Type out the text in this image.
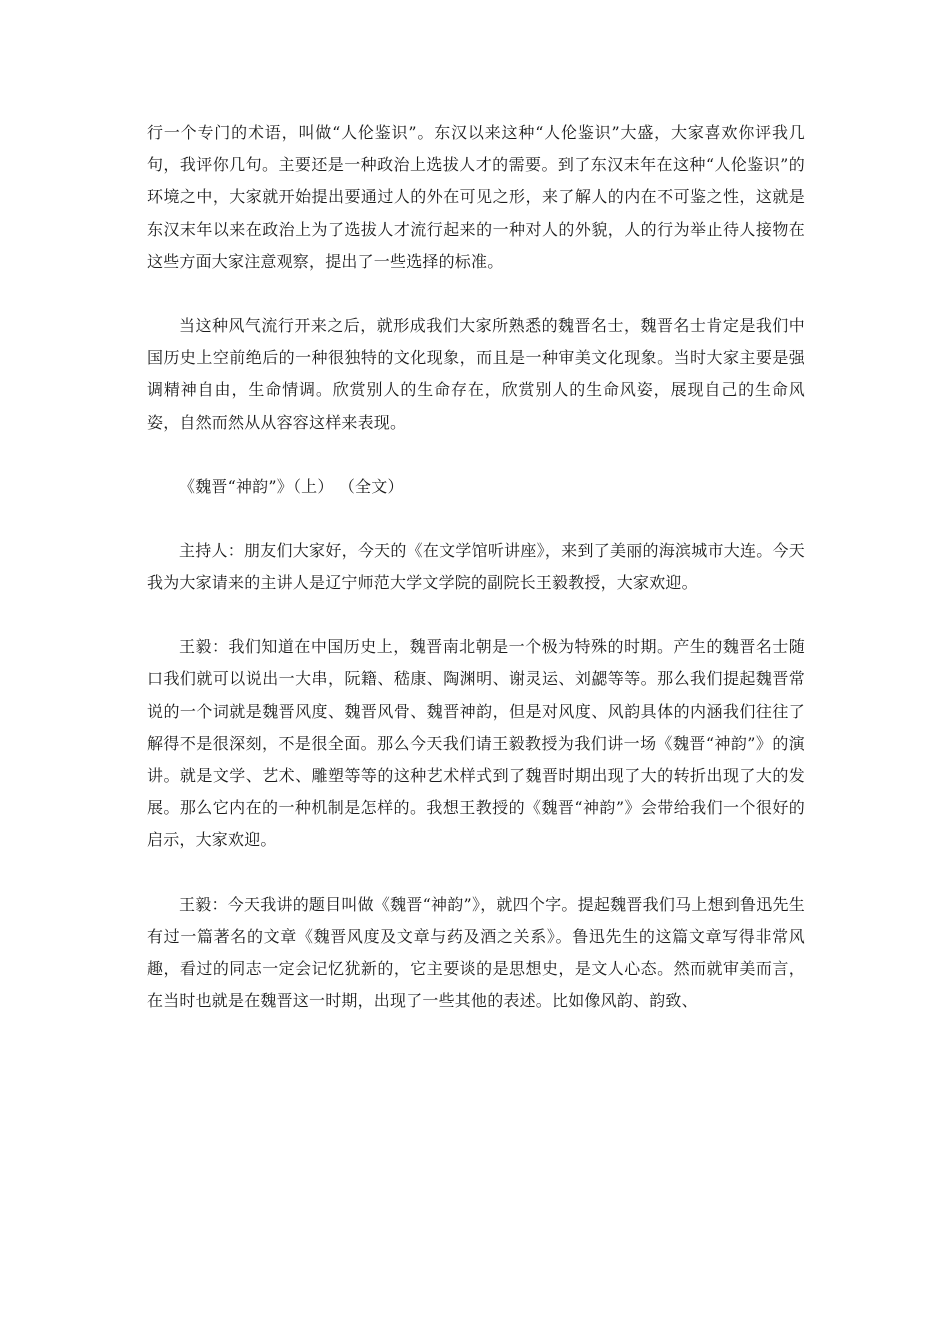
行一个专门的术语，叫做“人伦鉴识”。东汉以来这种“人伦鉴识”大盛，大家喜欢你评我几句，我评你几句。主要还是一种政治上选拔人才的需要。到了东汉末年在这种“人伦鉴识”的环境之中，大家就开始提出要通过人的外在可见之形，来了解人的内在不可鉴之性，这就是东汉末年以来在政治上为了选拔人才流行起来的一种对人的外貌，人的行为举止待人接物在这些方面大家注意观察，提出了一些选择的标准。

当这种风气流行开来之后，就形成我们大家所熟悉的魏晋名士，魏晋名士肯定是我们中国历史上空前绝后的一种很独特的文化现象，而且是一种审美文化现象。当时大家主要是强调精神自由，生命情调。欣赏别人的生命存在，欣赏别人的生命风姿，展现自己的生命风姿，自然而然从从容容这样来表现。

《魏晋“神韵”》（上） （全文）

主持人：朋友们大家好，今天的《在文学馆听讲座》，来到了美丽的海滨城市大连。今天我为大家请来的主讲人是辽宁师范大学文学院的副院长王毅教授，大家欢迎。

王毅：我们知道在中国历史上，魏晋南北朝是一个极为特殊的时期。产生的魏晋名士随口我们就可以说出一大串，阮籍、嵇康、陶渊明、谢灵运、刘勰等等。那么我们提起魏晋常说的一个词就是魏晋风度、魏晋风骨、魏晋神韵，但是对风度、风韵具体的内涵我们往往了解得不是很深刻，不是很全面。那么今天我们请王毅教授为我们讲一场《魏晋“神韵”》的演讲。就是文学、艺术、雕塑等等的这种艺术样式到了魏晋时期出现了大的转折出现了大的发展。那么它内在的一种机制是怎样的。我想王教授的《魏晋“神韵”》会带给我们一个很好的启示，大家欢迎。

王毅：今天我讲的题目叫做《魏晋“神韵”》，就四个字。提起魏晋我们马上想到鲁迅先生有过一篇著名的文章《魏晋风度及文章与药及酒之关系》。鲁迅先生的这篇文章写得非常风趣，看过的同志一定会记忆犹新的，它主要谈的是思想史，是文人心态。然而就审美而言，在当时也就是在魏晋这一时期，出现了一些其他的表述。比如像风韵、韵致、
